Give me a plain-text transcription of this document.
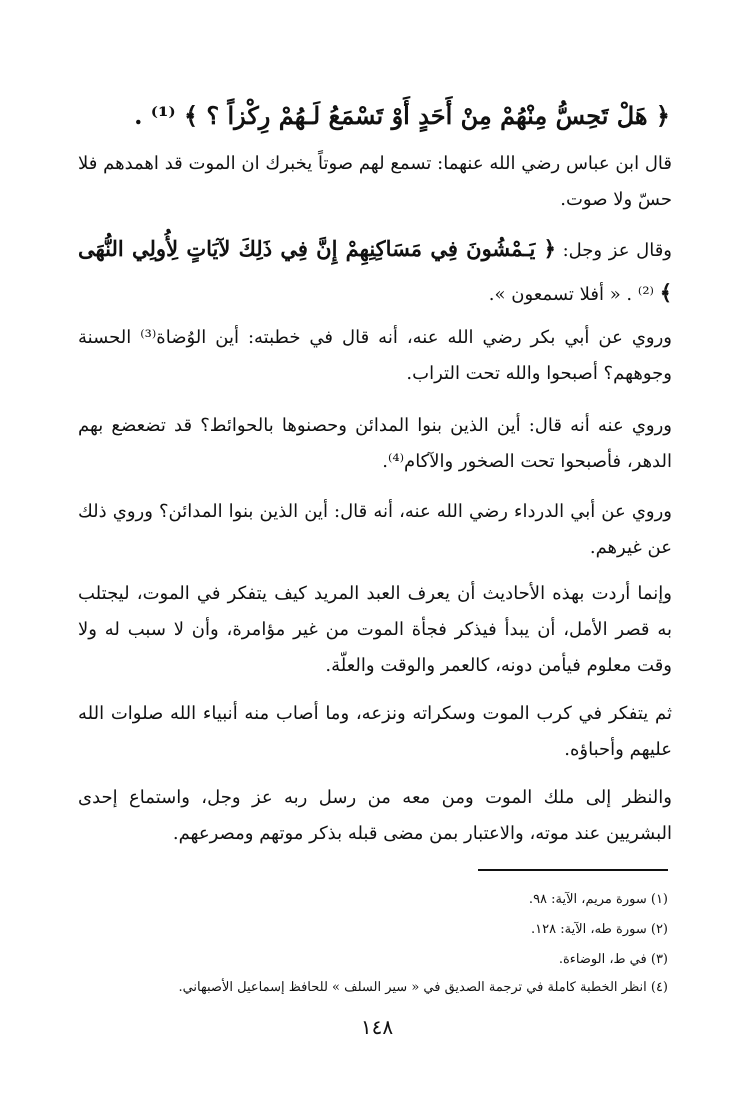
﴿ هَلْ تَحِسُّ مِنْهُمْ مِنْ أَحَدٍ أَوْ تَسْمَعُ لَـهُمْ رِكْزاً ؟ ﴾ ⁽¹⁾ .
قال ابن عباس رضي الله عنهما: تسمع لهم صوتاً يخبرك ان الموت قد اهمدهم فلا حسّ ولا صوت.
وقال عز وجل: ﴿ يَـمْشُونَ فِي مَسَاكِنِهِمْ إِنَّ فِي ذَلِكَ لآيَاتٍ لِأُولِي النُّهَى ﴾ ⁽²⁾ . « أفلا تسمعون ».
وروي عن أبي بكر رضي الله عنه، أنه قال في خطبته: أين الوُضاة⁽³⁾ الحسنة وجوههم؟ أصبحوا والله تحت التراب.
وروي عنه أنه قال: أين الذين بنوا المدائن وحصنوها بالحوائط؟ قد تضعضع بهم الدهر، فأصبحوا تحت الصخور والآكام⁽⁴⁾.
وروي عن أبي الدرداء رضي الله عنه، أنه قال: أين الذين بنوا المدائن؟ وروي ذلك عن غيرهم.
وإنما أردت بهذه الأحاديث أن يعرف العبد المريد كيف يتفكر في الموت، ليجتلب به قصر الأمل، أن يبدأ فيذكر فجأة الموت من غير مؤامرة، وأن لا سبب له ولا وقت معلوم فيأمن دونه، كالعمر والوقت والعلّة.
ثم يتفكر في كرب الموت وسكراته ونزعه، وما أصاب منه أنبياء الله صلوات الله عليهم وأحباؤه.
والنظر إلى ملك الموت ومن معه من رسل ربه عز وجل، واستماع إحدى البشريين عند موته، والاعتبار بمن مضى قبله بذكر موتهم ومصرعهم.
(١) سورة مريم، الآية: ٩٨.
(٢) سورة طه، الآية: ١٢٨.
(٣) في ط، الوضاءة.
(٤) انظر الخطبة كاملة في ترجمة الصديق في « سير السلف » للحافظ إسماعيل الأصبهاني.
١٤٨
